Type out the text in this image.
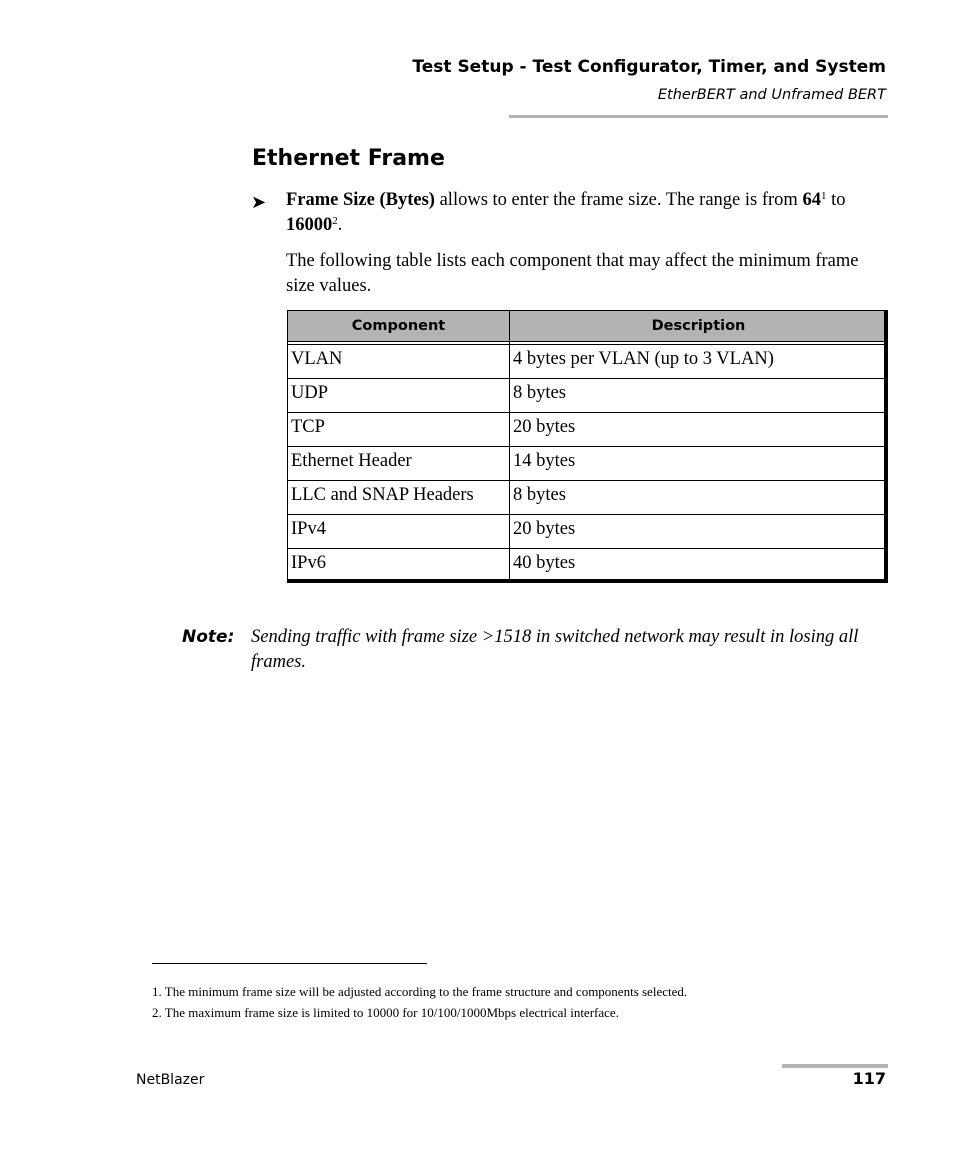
Test Setup - Test Configurator, Timer, and System
EtherBERT and Unframed BERT
Ethernet Frame
➤ Frame Size (Bytes) allows to enter the frame size. The range is from $64^1$ to 16000$^2$.
The following table lists each component that may affect the minimum frame size values.
Component	Description

VLAN	4 bytes per VLAN (up to 3 VLAN)
UDP	8 bytes
TCP	20 bytes
Ethernet Header	14 bytes
LLC and SNAP Headers	8 bytes
IPv4	20 bytes
IPv6	40 bytes
Note: Sending traffic with frame size >1518 in switched network may result in losing all frames.
1. The minimum frame size will be adjusted according to the frame structure and components selected.
2. The maximum frame size is limited to 10000 for 10/100/1000Mbps electrical interface.
NetBlazer	117
